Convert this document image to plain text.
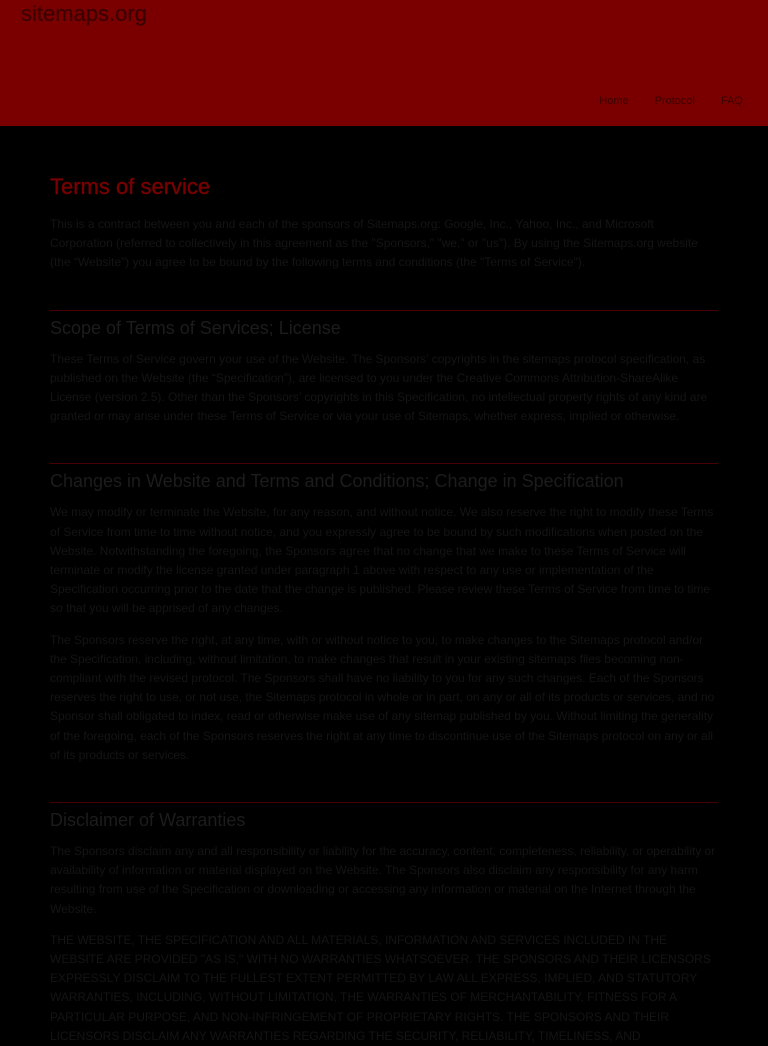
sitemaps.org
Home Protocol FAQ
Terms of service

This is a contract between you and each of the sponsors of Sitemaps.org: Google, Inc., Yahoo, Inc., and Microsoft Corporation (referred to collectively in this agreement as the "Sponsors," "we," or "us"). By using the Sitemaps.org website (the “Website”) you agree to be bound by the following terms and conditions (the "Terms of Service").

Scope of Terms of Services; License

These Terms of Service govern your use of the Website. The Sponsors’ copyrights in the sitemaps protocol specification, as published on the Website (the “Specification”), are licensed to you under the Creative Commons Attribution-ShareAlike License (version 2.5). Other than the Sponsors’ copyrights in this Specification, no intellectual property rights of any kind are granted or may arise under these Terms of Service or via your use of Sitemaps, whether express, implied or otherwise.

Changes in Website and Terms and Conditions; Change in Specification

We may modify or terminate the Website, for any reason, and without notice. We also reserve the right to modify these Terms of Service from time to time without notice, and you expressly agree to be bound by such modifications when posted on the Website. Notwithstanding the foregoing, the Sponsors agree that no change that we make to these Terms of Service will terminate or modify the license granted under paragraph 1 above with respect to any use or implementation of the Specification occurring prior to the date that the change is published. Please review these Terms of Service from time to time so that you will be apprised of any changes.

The Sponsors reserve the right, at any time, with or without notice to you, to make changes to the Sitemaps protocol and/or the Specification, including, without limitation, to make changes that result in your existing sitemaps files becoming non-compliant with the revised protocol. The Sponsors shall have no liability to you for any such changes. Each of the Sponsors reserves the right to use, or not use, the Sitemaps protocol in whole or in part, on any or all of its products or services, and no Sponsor shall obligated to index, read or otherwise make use of any sitemap published by you. Without limiting the generality of the foregoing, each of the Sponsors reserves the right at any time to discontinue use of the Sitemaps protocol on any or all of its products or services.

Disclaimer of Warranties

The Sponsors disclaim any and all responsibility or liability for the accuracy, content, completeness, reliability, or operability or availability of information or material displayed on the Website. The Sponsors also disclaim any responsibility for any harm resulting from use of the Specification or downloading or accessing any information or material on the Internet through the Website.

THE WEBSITE, THE SPECIFICATION AND ALL MATERIALS, INFORMATION AND SERVICES INCLUDED IN THE WEBSITE ARE PROVIDED "AS IS," WITH NO WARRANTIES WHATSOEVER. THE SPONSORS AND THEIR LICENSORS EXPRESSLY DISCLAIM TO THE FULLEST EXTENT PERMITTED BY LAW ALL EXPRESS, IMPLIED, AND STATUTORY WARRANTIES, INCLUDING, WITHOUT LIMITATION, THE WARRANTIES OF MERCHANTABILITY, FITNESS FOR A PARTICULAR PURPOSE, AND NON-INFRINGEMENT OF PROPRIETARY RIGHTS. THE SPONSORS AND THEIR LICENSORS DISCLAIM ANY WARRANTIES REGARDING THE SECURITY, RELIABILITY, TIMELINESS, AND
